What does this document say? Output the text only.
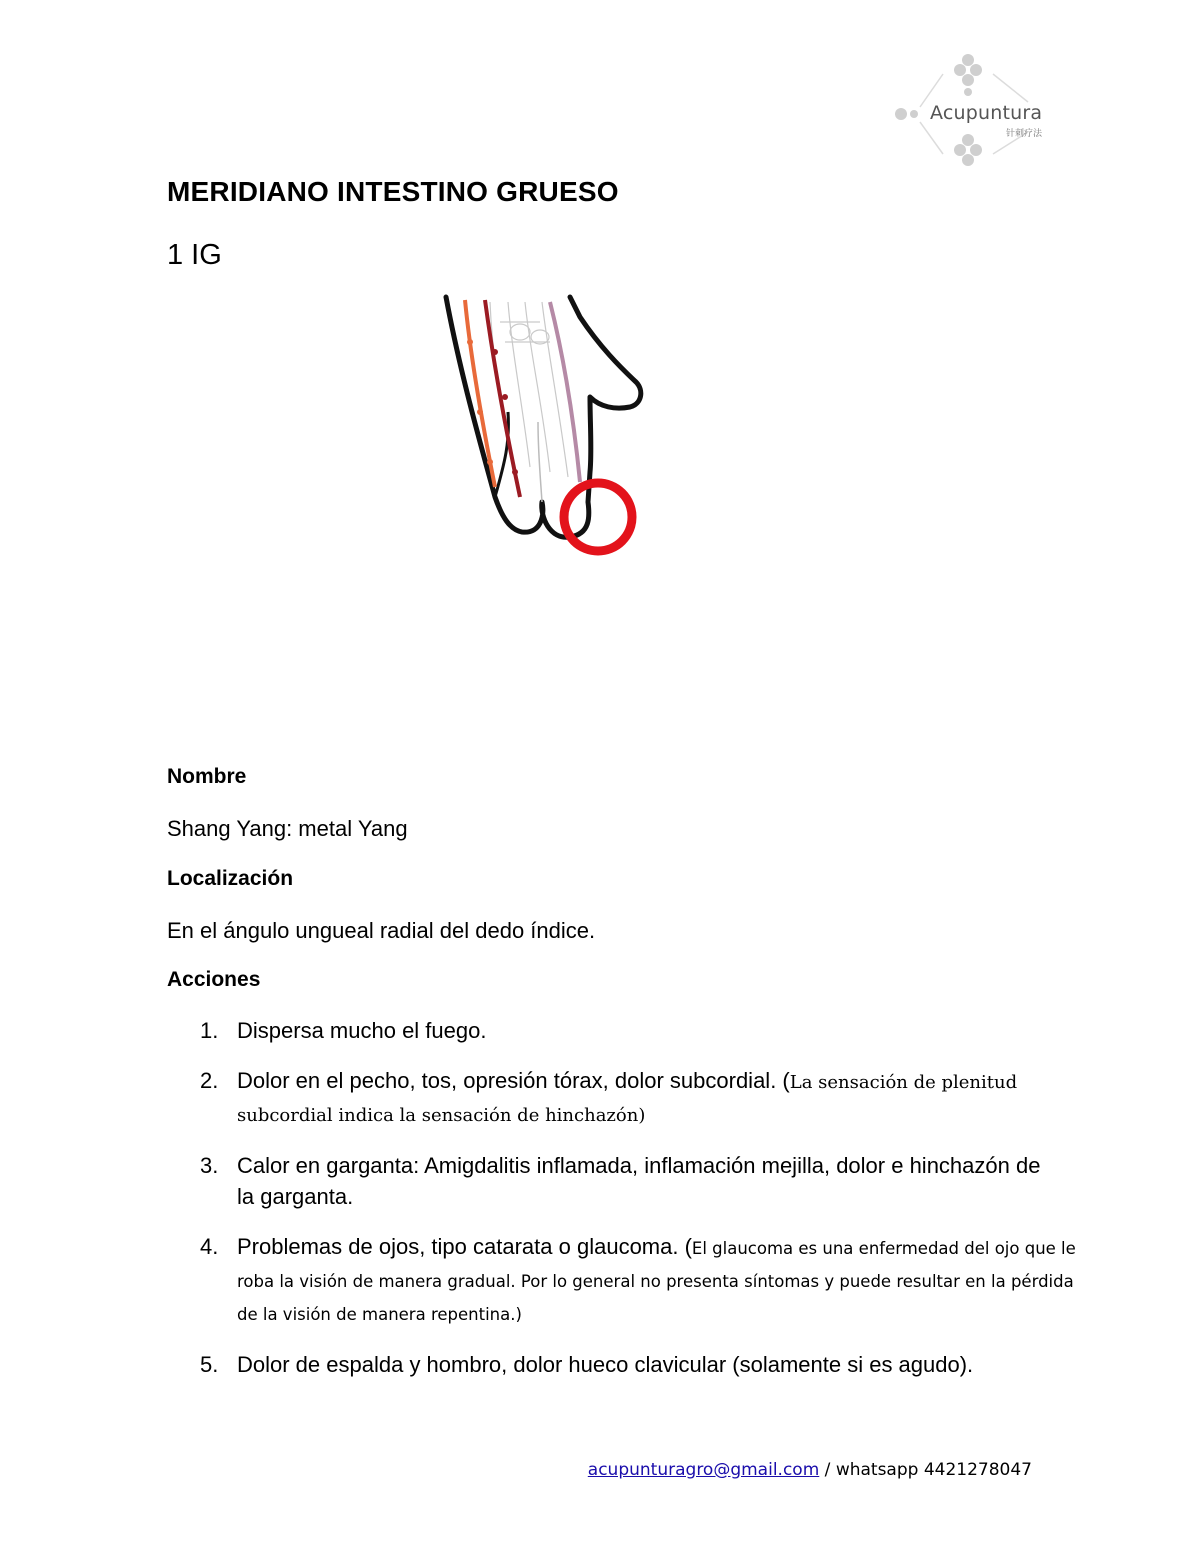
Acupuntura
针刺疗法
MERIDIANO INTESTINO GRUESO
1 IG
Nombre
Shang Yang: metal Yang
Localización
En el ángulo ungueal radial del dedo índice.
Acciones
1. Dispersa mucho el fuego.
2. Dolor en el pecho, tos, opresión tórax, dolor subcordial. (La sensación de plenitud subcordial indica la sensación de hinchazón)
3. Calor en garganta: Amigdalitis inflamada, inflamación mejilla, dolor e hinchazón de la garganta.
4. Problemas de ojos, tipo catarata o glaucoma. (El glaucoma es una enfermedad del ojo que le roba la visión de manera gradual. Por lo general no presenta síntomas y puede resultar en la pérdida de la visión de manera repentina.)
5. Dolor de espalda y hombro, dolor hueco clavicular (solamente si es agudo).
acupunturagro@gmail.com / whatsapp 4421278047
